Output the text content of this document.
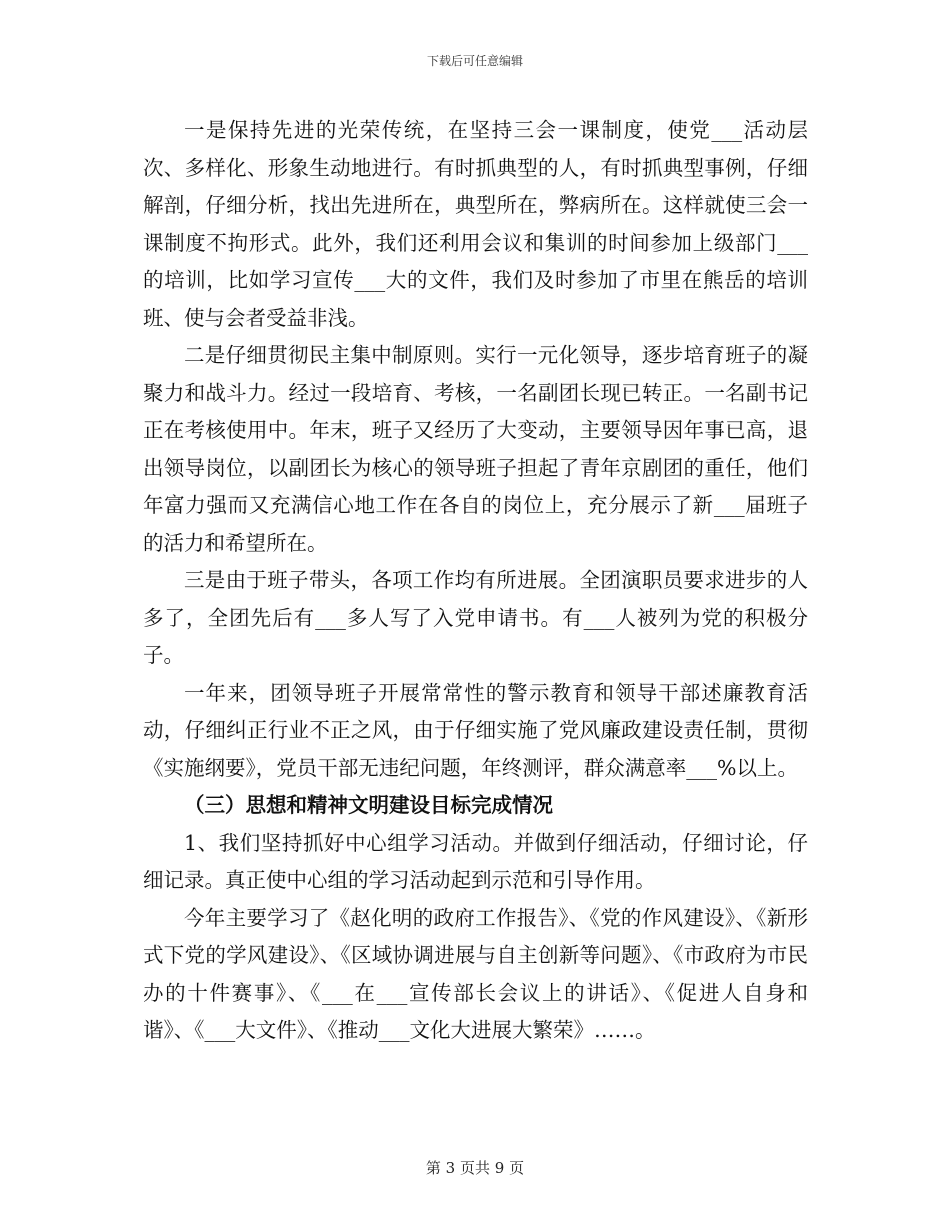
下载后可任意编辑

一是保持先进的光荣传统，在坚持三会一课制度，使党___活动层次、多样化、形象生动地进行。有时抓典型的人，有时抓典型事例，仔细解剖，仔细分析，找出先进所在，典型所在，弊病所在。这样就使三会一课制度不拘形式。此外，我们还利用会议和集训的时间参加上级部门___的培训，比如学习宣传___大的文件，我们及时参加了市里在熊岳的培训班、使与会者受益非浅。

二是仔细贯彻民主集中制原则。实行一元化领导，逐步培育班子的凝聚力和战斗力。经过一段培育、考核，一名副团长现已转正。一名副书记正在考核使用中。年末，班子又经历了大变动，主要领导因年事已高，退出领导岗位，以副团长为核心的领导班子担起了青年京剧团的重任，他们年富力强而又充满信心地工作在各自的岗位上，充分展示了新___届班子的活力和希望所在。

三是由于班子带头，各项工作均有所进展。全团演职员要求进步的人多了，全团先后有___多人写了入党申请书。有___人被列为党的积极分子。

一年来，团领导班子开展常常性的警示教育和领导干部述廉教育活动，仔细纠正行业不正之风，由于仔细实施了党风廉政建设责任制，贯彻《实施纲要》，党员干部无违纪问题，年终测评，群众满意率___%以上。

（三）思想和精神文明建设目标完成情况

1、我们坚持抓好中心组学习活动。并做到仔细活动，仔细讨论，仔细记录。真正使中心组的学习活动起到示范和引导作用。

今年主要学习了《赵化明的政府工作报告》、《党的作风建设》、《新形式下党的学风建设》、《区域协调进展与自主创新等问题》、《市政府为市民办的十件赛事》、《___在___宣传部长会议上的讲话》、《促进人自身和谐》、《___大文件》、《推动___文化大进展大繁荣》……。

第 3 页共 9 页
